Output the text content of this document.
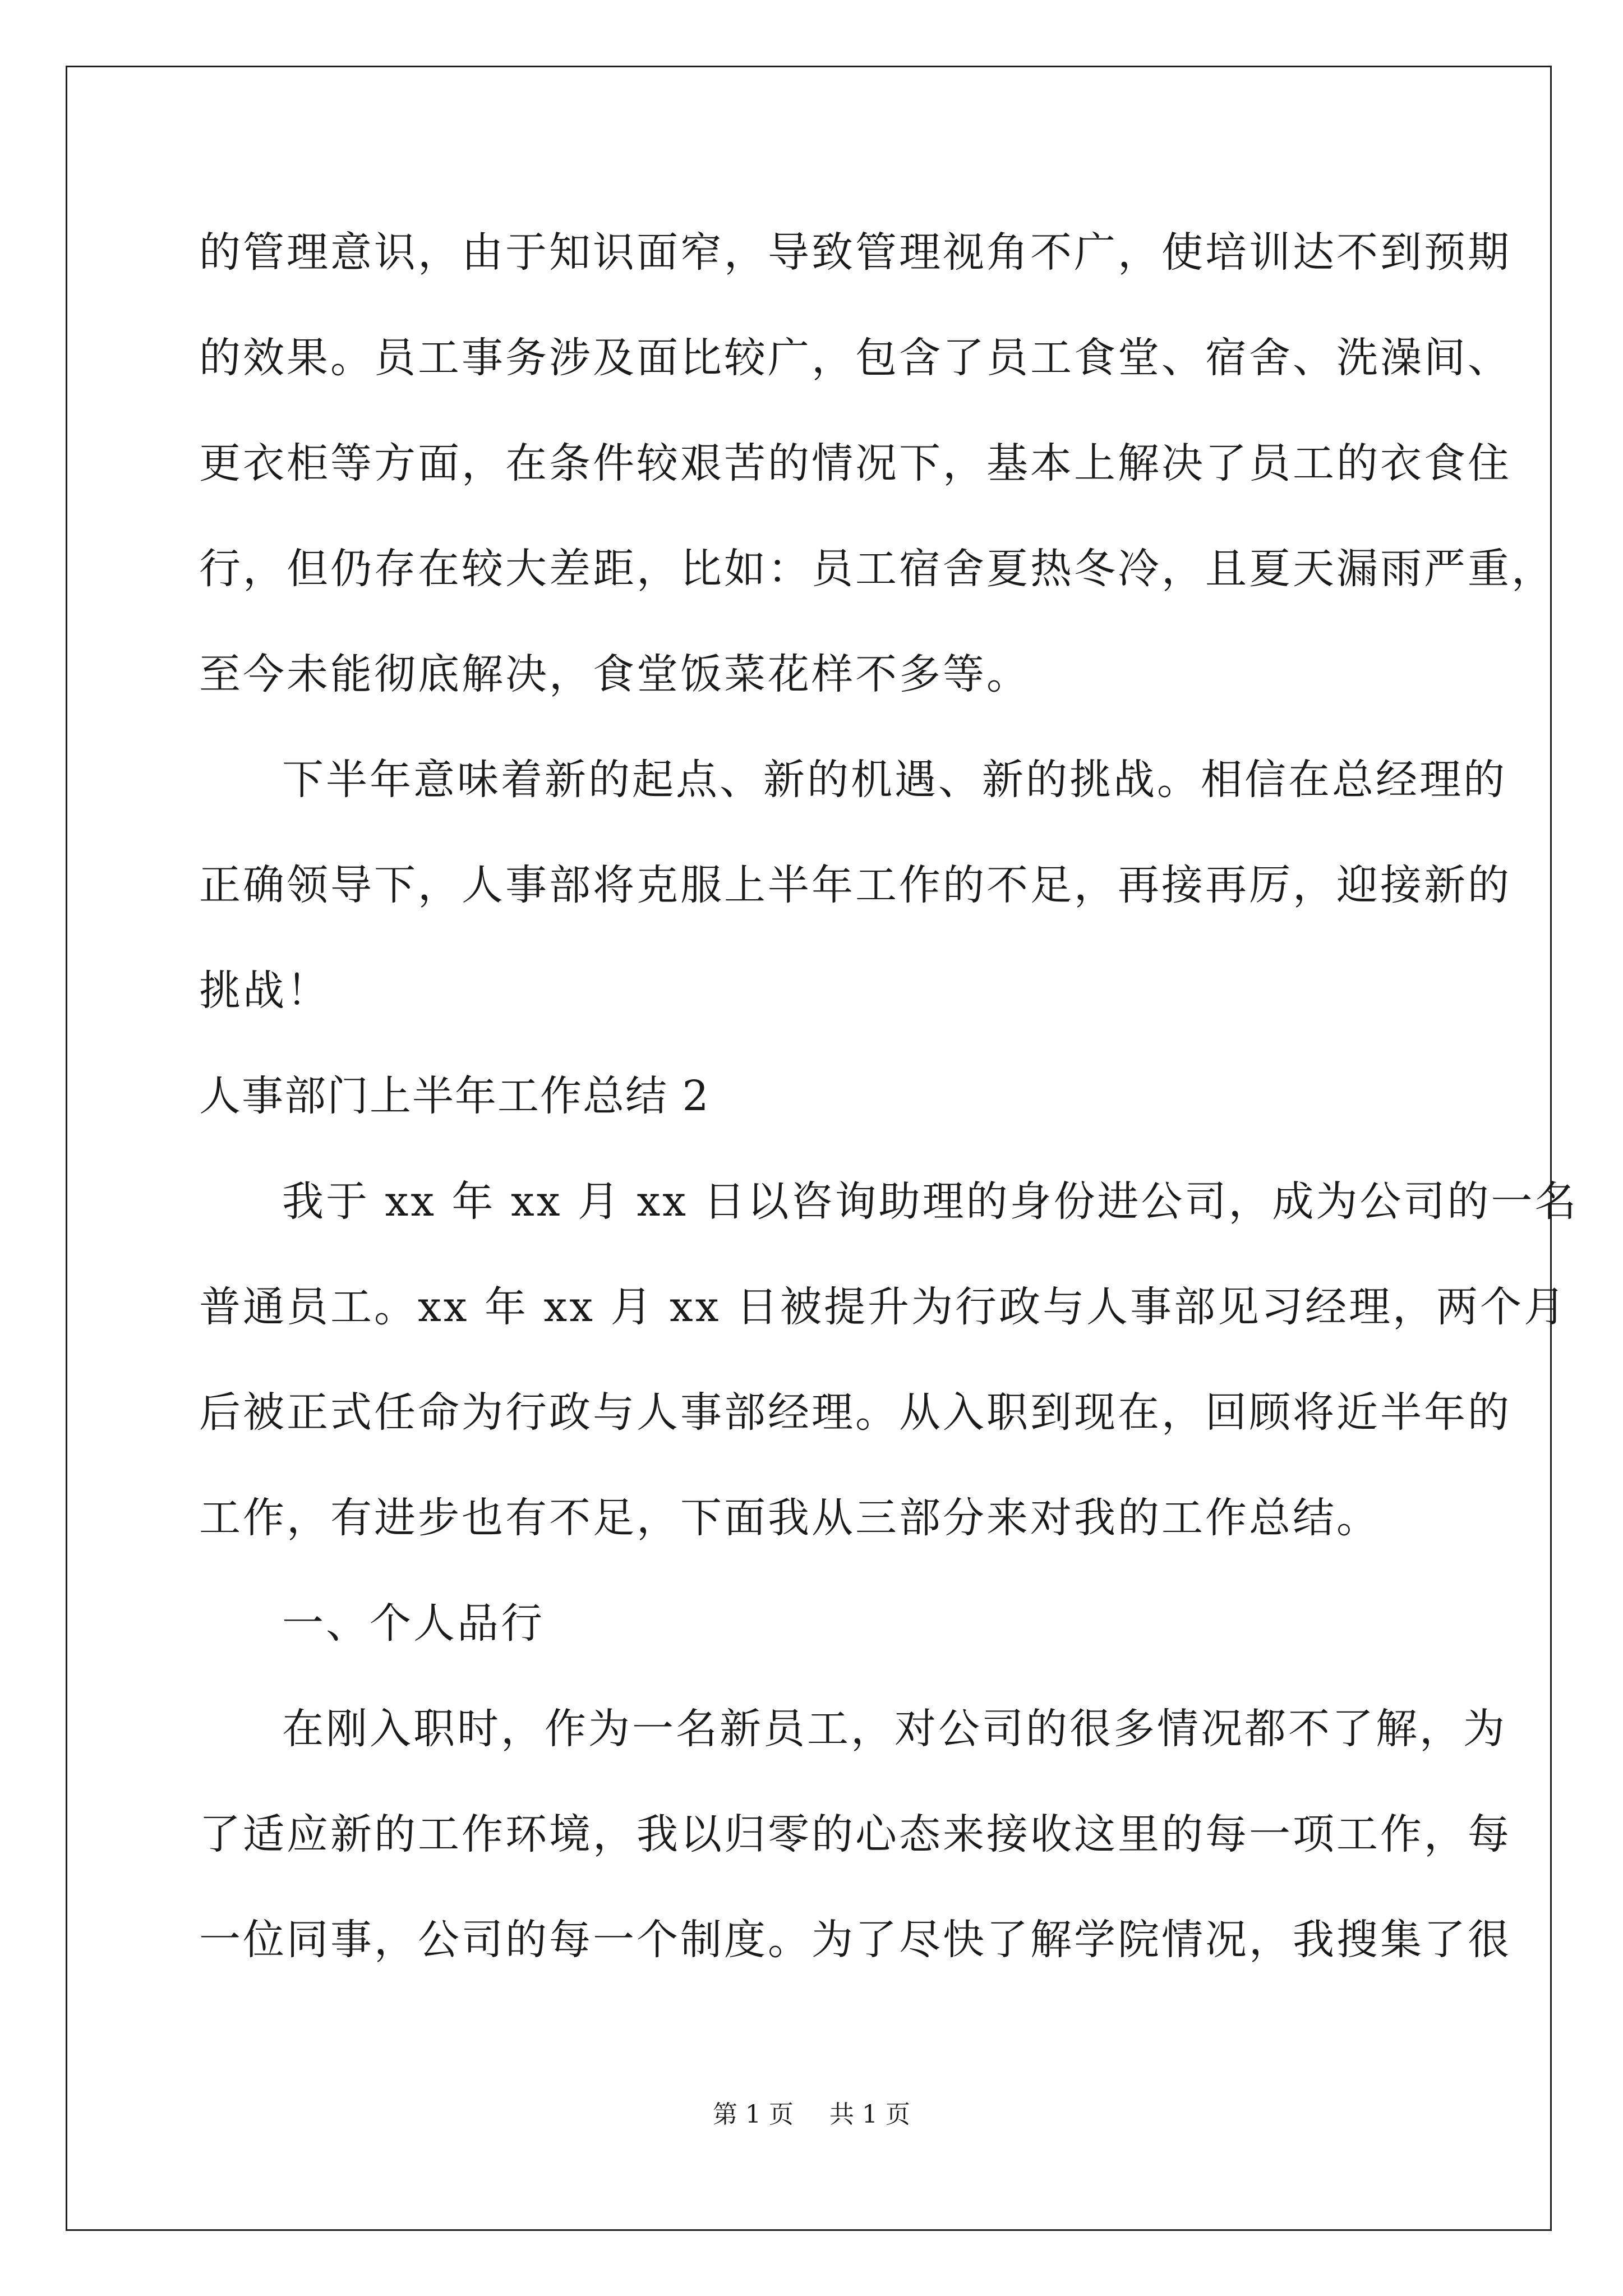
的管理意识，由于知识面窄，导致管理视角不广，使培训达不到预期
的效果。员工事务涉及面比较广，包含了员工食堂、宿舍、洗澡间、
更衣柜等方面，在条件较艰苦的情况下，基本上解决了员工的衣食住
行，但仍存在较大差距，比如：员工宿舍夏热冬冷，且夏天漏雨严重，
至今未能彻底解决，食堂饭菜花样不多等。
下半年意味着新的起点、新的机遇、新的挑战。相信在总经理的
正确领导下，人事部将克服上半年工作的不足，再接再厉，迎接新的
挑战！
人事部门上半年工作总结 2
我于 xx 年 xx 月 xx 日以咨询助理的身份进公司，成为公司的一名
普通员工。xx 年 xx 月 xx 日被提升为行政与人事部见习经理，两个月
后被正式任命为行政与人事部经理。从入职到现在，回顾将近半年的
工作，有进步也有不足，下面我从三部分来对我的工作总结。
一、个人品行
在刚入职时，作为一名新员工，对公司的很多情况都不了解，为
了适应新的工作环境，我以归零的心态来接收这里的每一项工作，每
一位同事，公司的每一个制度。为了尽快了解学院情况，我搜集了很
第 1 页 共 1 页
